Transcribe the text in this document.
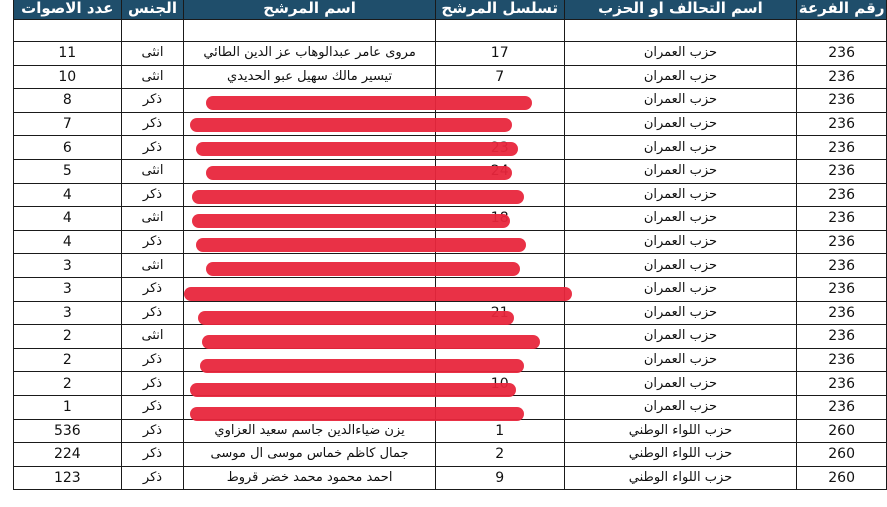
عدد الاصوات	الجنس	اسم المرشح	تسلسل المرشح	اسم التحالف او الحزب	رقم الفرعة

11	انثى	مروى عامر عبدالوهاب عز الدين الطائي	17	حزب العمران	236
10	انثى	تيسير مالك سهيل عبو الحديدي	7	حزب العمران	236
8	ذكر			حزب العمران	236
7	ذكر			حزب العمران	236
6	ذكر			حزب العمران	236
5	انثى			حزب العمران	236
4	ذكر			حزب العمران	236
4	انثى			حزب العمران	236
4	ذكر			حزب العمران	236
3	انثى			حزب العمران	236
3	ذكر			حزب العمران	236
3	ذكر			حزب العمران	236
2	انثى			حزب العمران	236
2	ذكر			حزب العمران	236
2	ذكر			حزب العمران	236
1	ذكر			حزب العمران	236
536	ذكر	يزن ضياءالدين جاسم سعيد العزاوي	1	حزب اللواء الوطني	260
224	ذكر	جمال كاظم خماس موسى ال موسى	2	حزب اللواء الوطني	260
123	ذكر	احمد محمود محمد خضر قروط	9	حزب اللواء الوطني	260
